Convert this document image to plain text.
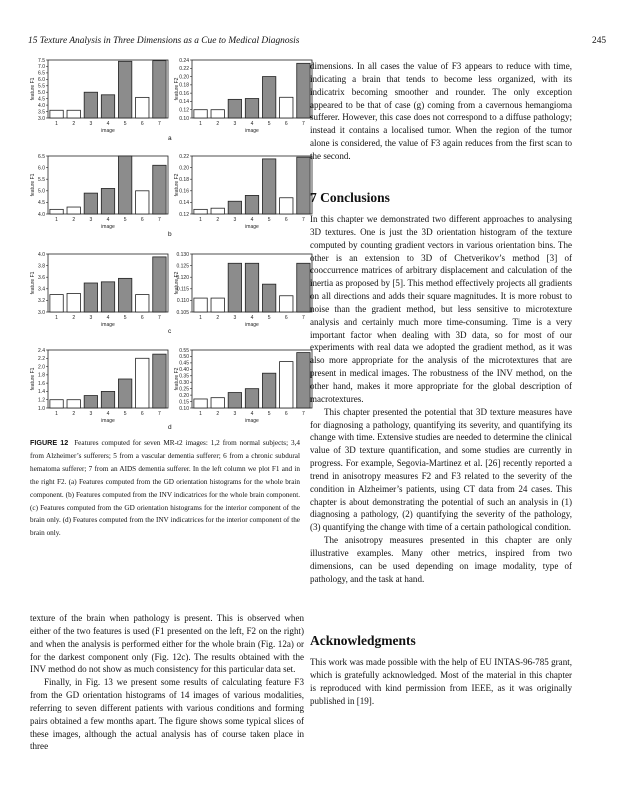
15 Texture Analysis in Three Dimensions as a Cue to Medical Diagnosis	245
3.0
3.5
4.0
4.5
5.0
5.5
6.0
6.5
7.0
7.5
feature F1
1	2	3	4	5	6	7
image
0.10
0.12
0.14
0.16
0.18
0.20
0.22
0.24
feature F2
1	2	3	4	5	6	7
image
4.0
4.5
5.0
5.5
6.0
6.5
feature F1
1	2	3	4	5	6	7
image
0.12
0.14
0.16
0.18
0.20
0.22
feature F2
1	2	3	4	5	6	7
image
3.0
3.2
3.4
3.6
3.8
4.0
feature F1
1	2	3	4	5	6	7
image
0.105
0.110
0.115
0.120
0.125
0.130
feature F2
1	2	3	4	5	6	7
image
1.0
1.2
1.4
1.6
1.8
2.0
2.2
2.4
feature F1
1	2	3	4	5	6	7
image
0.10
0.15
0.20
0.25
0.30
0.35
0.40
0.45
0.50
0.55
feature F2
1	2	3	4	5	6	7
image
a
b
c
d
FIGURE 12 Features computed for seven MR-t2 images: 1,2 from normal subjects; 3,4 from Alzheimer’s sufferers; 5 from a vascular dementia sufferer; 6 from a chronic subdural hematoma sufferer; 7 from an AIDS dementia sufferer. In the left column we plot F1 and in the right F2. (a) Features computed from the GD orientation histograms for the whole brain component. (b) Features computed from the INV indicatrices for the whole brain component. (c) Features computed from the GD orientation histograms for the interior component of the brain only. (d) Features computed from the INV indicatrices for the interior component of the brain only.

texture of the brain when pathology is present. This is observed when either of the two features is used (F1 presented on the left, F2 on the right) and when the analysis is performed either for the whole brain (Fig. 12a) or for the darkest component only (Fig. 12c). The results obtained with the INV method do not show as much consistency for this particular data set.

Finally, in Fig. 13 we present some results of calculating feature F3 from the GD orientation histograms of 14 images of various modalities, referring to seven different patients with various conditions and forming pairs obtained a few months apart. The figure shows some typical slices of these images, although the actual analysis has of course taken place in three

dimensions. In all cases the value of F3 appears to reduce with time, indicating a brain that tends to become less organized, with its indicatrix becoming smoother and rounder. The only exception appeared to be that of case (g) coming from a cavernous hemangioma sufferer. However, this case does not correspond to a diffuse pathology; instead it contains a localised tumor. When the region of the tumor alone is considered, the value of F3 again reduces from the first scan to the second.

7 Conclusions

In this chapter we demonstrated two different approaches to analysing 3D textures. One is just the 3D orientation histogram of the texture computed by counting gradient vectors in various orientation bins. The other is an extension to 3D of Chetverikov’s method [3] of cooccurrence matrices of arbitrary displacement and calculation of the inertia as proposed by [5]. This method effectively projects all gradients on all directions and adds their square magnitudes. It is more robust to noise than the gradient method, but less sensitive to microtexture analysis and certainly much more time-consuming. Time is a very important factor when dealing with 3D data, so for most of our experiments with real data we adopted the gradient method, as it was also more appropriate for the analysis of the microtextures that are present in medical images. The robustness of the INV method, on the other hand, makes it more appropriate for the global description of macrotextures.

This chapter presented the potential that 3D texture measures have for diagnosing a pathology, quantifying its severity, and quantifying its change with time. Extensive studies are needed to determine the clinical value of 3D texture quantification, and some studies are currently in progress. For example, Segovia-Martinez et al. [26] recently reported a trend in anisotropy measures F2 and F3 related to the severity of the condition in Alzheimer’s patients, using CT data from 24 cases. This chapter is about demonstrating the potential of such an analysis in (1) diagnosing a pathology, (2) quantifying the severity of the pathology, (3) quantifying the change with time of a certain pathological condition.

The anisotropy measures presented in this chapter are only illustrative examples. Many other metrics, inspired from two dimensions, can be used depending on image modality, type of pathology, and the task at hand.

Acknowledgments

This work was made possible with the help of EU INTAS-96-785 grant, which is gratefully acknowledged. Most of the material in this chapter is reproduced with kind permission from IEEE, as it was originally published in [19].
